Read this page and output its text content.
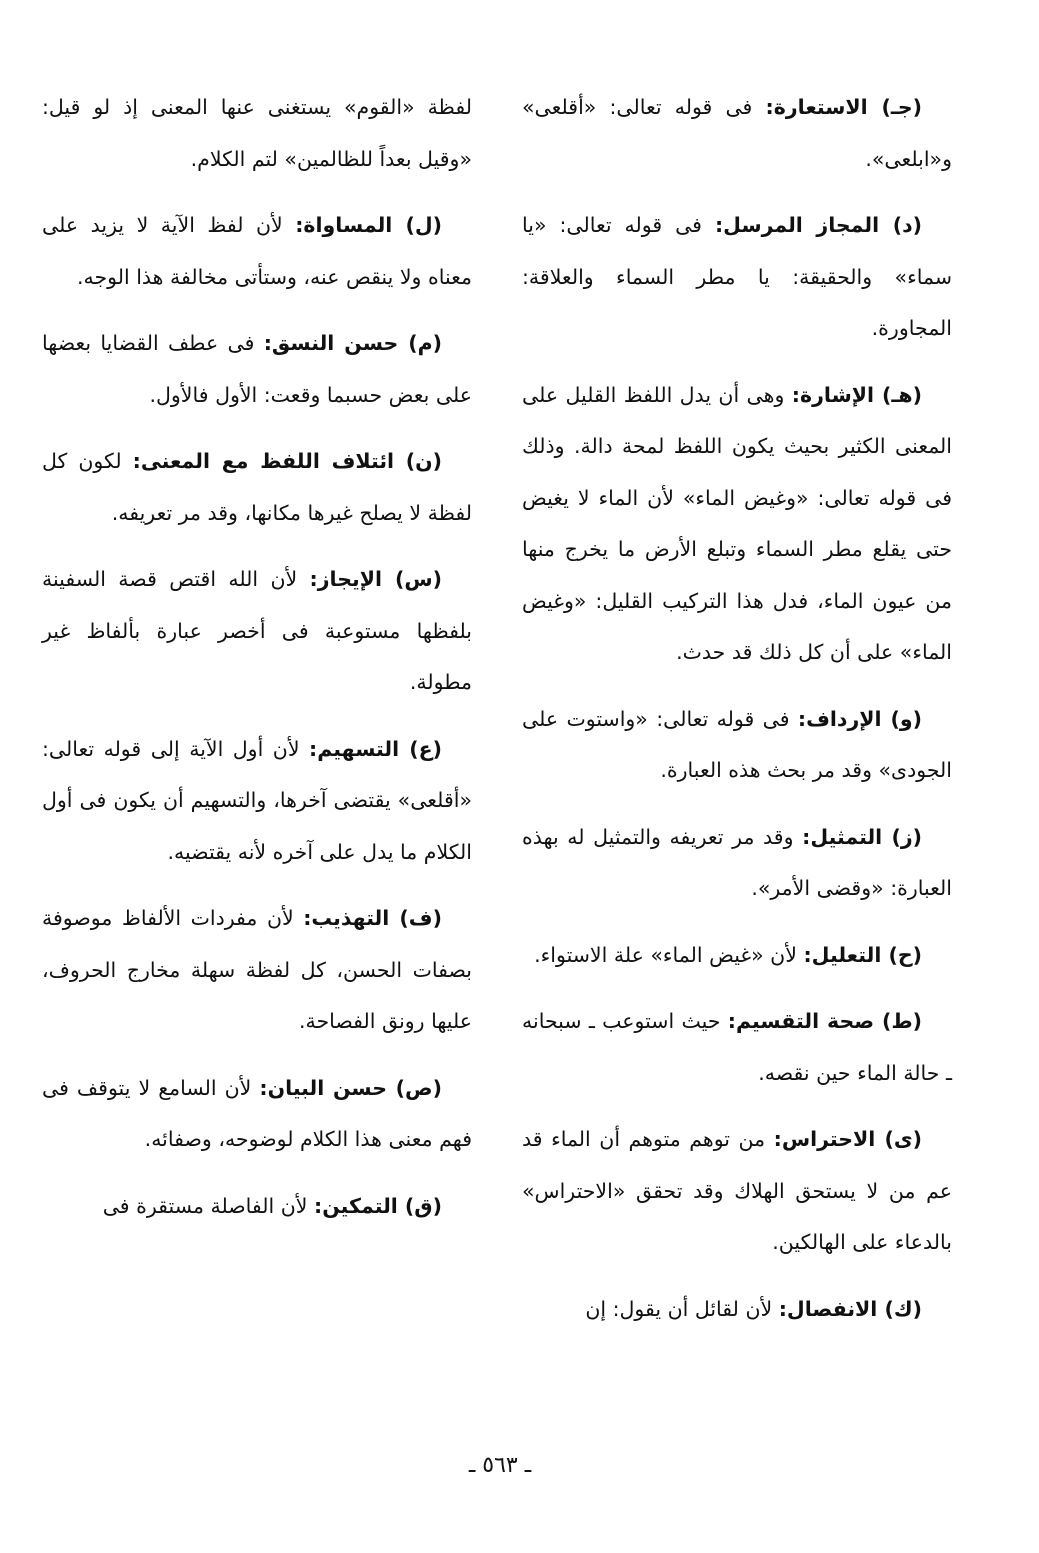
(جـ) الاستعارة: فى قوله تعالى: «أقلعى» و«ابلعى».

(د) المجاز المرسل: فى قوله تعالى: «يا سماء» والحقيقة: يا مطر السماء والعلاقة: المجاورة.

(هـ) الإشارة: وهى أن يدل اللفظ القليل على المعنى الكثير بحيث يكون اللفظ لمحة دالة. وذلك فى قوله تعالى: «وغيض الماء» لأن الماء لا يغيض حتى يقلع مطر السماء وتبلع الأرض ما يخرج منها من عيون الماء، فدل هذا التركيب القليل: «وغيض الماء» على أن كل ذلك قد حدث.

(و) الإرداف: فى قوله تعالى: «واستوت على الجودى» وقد مر بحث هذه العبارة.

(ز) التمثيل: وقد مر تعريفه والتمثيل له بهذه العبارة: «وقضى الأمر».

(ح) التعليل: لأن «غيض الماء» علة الاستواء.

(ط) صحة التقسيم: حيث استوعب ـ سبحانه ـ حالة الماء حين نقصه.

(ى) الاحتراس: من توهم متوهم أن الماء قد عم من لا يستحق الهلاك وقد تحقق «الاحتراس» بالدعاء على الهالكين.

(ك) الانفصال: لأن لقائل أن يقول: إن

لفظة «القوم» يستغنى عنها المعنى إذ لو قيل: «وقيل بعداً للظالمين» لتم الكلام.

(ل) المساواة: لأن لفظ الآية لا يزيد على معناه ولا ينقص عنه، وستأتى مخالفة هذا الوجه.

(م) حسن النسق: فى عطف القضايا بعضها على بعض حسبما وقعت: الأول فالأول.

(ن) ائتلاف اللفظ مع المعنى: لكون كل لفظة لا يصلح غيرها مكانها، وقد مر تعريفه.

(س) الإيجاز: لأن الله اقتص قصة السفينة بلفظها مستوعبة فى أخصر عبارة بألفاظ غير مطولة.

(ع) التسهيم: لأن أول الآية إلى قوله تعالى: «أقلعى» يقتضى آخرها، والتسهيم أن يكون فى أول الكلام ما يدل على آخره لأنه يقتضيه.

(ف) التهذيب: لأن مفردات الألفاظ موصوفة بصفات الحسن، كل لفظة سهلة مخارج الحروف، عليها رونق الفصاحة.

(ص) حسن البيان: لأن السامع لا يتوقف فى فهم معنى هذا الكلام لوضوحه، وصفائه.

(ق) التمكين: لأن الفاصلة مستقرة فى

ـ ٥٦٣ ـ
